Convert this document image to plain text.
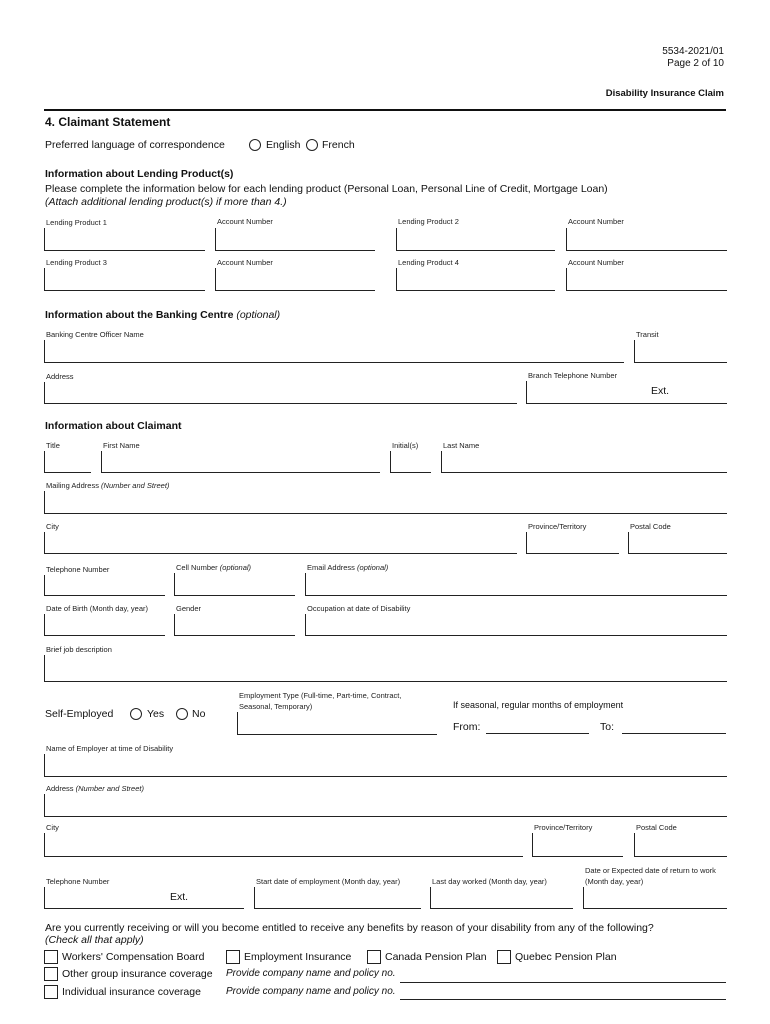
5534-2021/01
Page 2 of 10
Disability Insurance Claim
4. Claimant Statement
Preferred language of correspondence	English French
Information about Lending Product(s)
Please complete the information below for each lending product (Personal Loan, Personal Line of Credit, Mortgage Loan)
(Attach additional lending product(s) if more than 4.)
Lending Product 1	Account Number	Lending Product 2	Account Number
Lending Product 3	Account Number	Lending Product 4	Account Number
Information about the Banking Centre (optional)
Banking Centre Officer Name	Transit
Address	Branch Telephone Number
Ext.
Information about Claimant
Title	First Name	Initial(s)	Last Name
Mailing Address (Number and Street)
City	Province/Territory	Postal Code
Telephone Number	Cell Number (optional)	Email Address (optional)
Date of Birth (Month day, year)	Gender	Occupation at date of Disability
Brief job description
Self-Employed	Yes	No
Employment Type (Full-time, Part-time, Contract,
Seasonal, Temporary)	If seasonal, regular months of employment
From:	To:
Name of Employer at time of Disability
Address (Number and Street)
City	Province/Territory	Postal Code
Telephone Number
Ext.
Start date of employment (Month day, year)	Last day worked (Month day, year)
Date or Expected date of return to work
(Month day, year)
Are you currently receiving or will you become entitled to receive any benefits by reason of your disability from any of the following?
(Check all that apply)
Workers' Compensation Board	Employment Insurance	Canada Pension Plan	Quebec Pension Plan
Other group insurance coverage Provide company name and policy no.
Individual insurance coverage	Provide company name and policy no.
